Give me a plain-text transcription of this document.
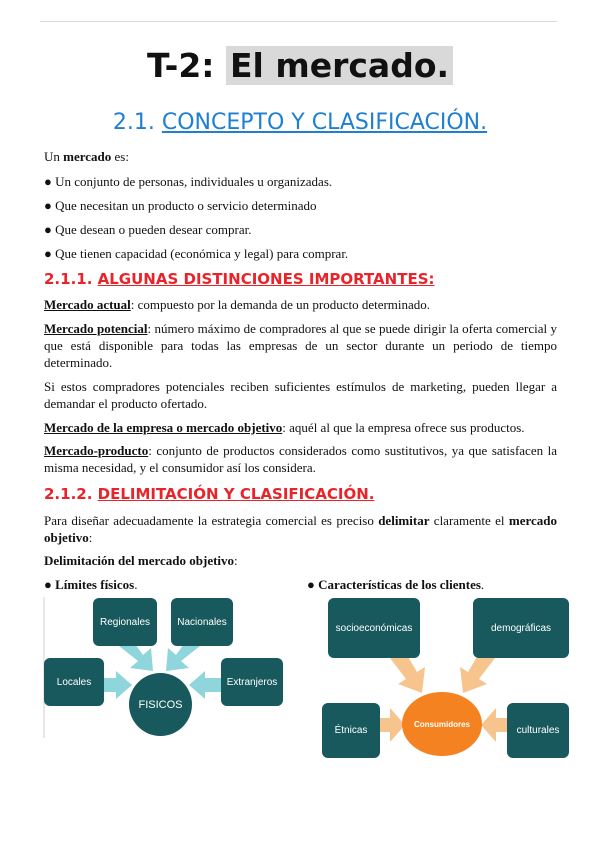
T-2: El mercado.
2.1. CONCEPTO Y CLASIFICACIÓN.
Un mercado es:
● Un conjunto de personas, individuales u organizadas.
● Que necesitan un producto o servicio determinado
● Que desean o pueden desear comprar.
● Que tienen capacidad (económica y legal) para comprar.
2.1.1. ALGUNAS DISTINCIONES IMPORTANTES:
Mercado actual: compuesto por la demanda de un producto determinado.
Mercado potencial: número máximo de compradores al que se puede dirigir la oferta comercial y que está disponible para todas las empresas de un sector durante un periodo de tiempo determinado.
Si estos compradores potenciales reciben suficientes estímulos de marketing, pueden llegar a demandar el producto ofertado.
Mercado de la empresa o mercado objetivo: aquél al que la empresa ofrece sus productos.
Mercado-producto: conjunto de productos considerados como sustitutivos, ya que satisfacen la misma necesidad, y el consumidor así los considera.
2.1.2. DELIMITACIÓN Y CLASIFICACIÓN.
Para diseñar adecuadamente la estrategia comercial es preciso delimitar claramente el mercado objetivo:
Delimitación del mercado objetivo:
● Límites físicos.
●	Características de los clientes.
Regionales	Nacionales
Locales	Extranjeros
FISICOS
socioeconómicas	demográficas
Étnicas	culturales
Consumidores
